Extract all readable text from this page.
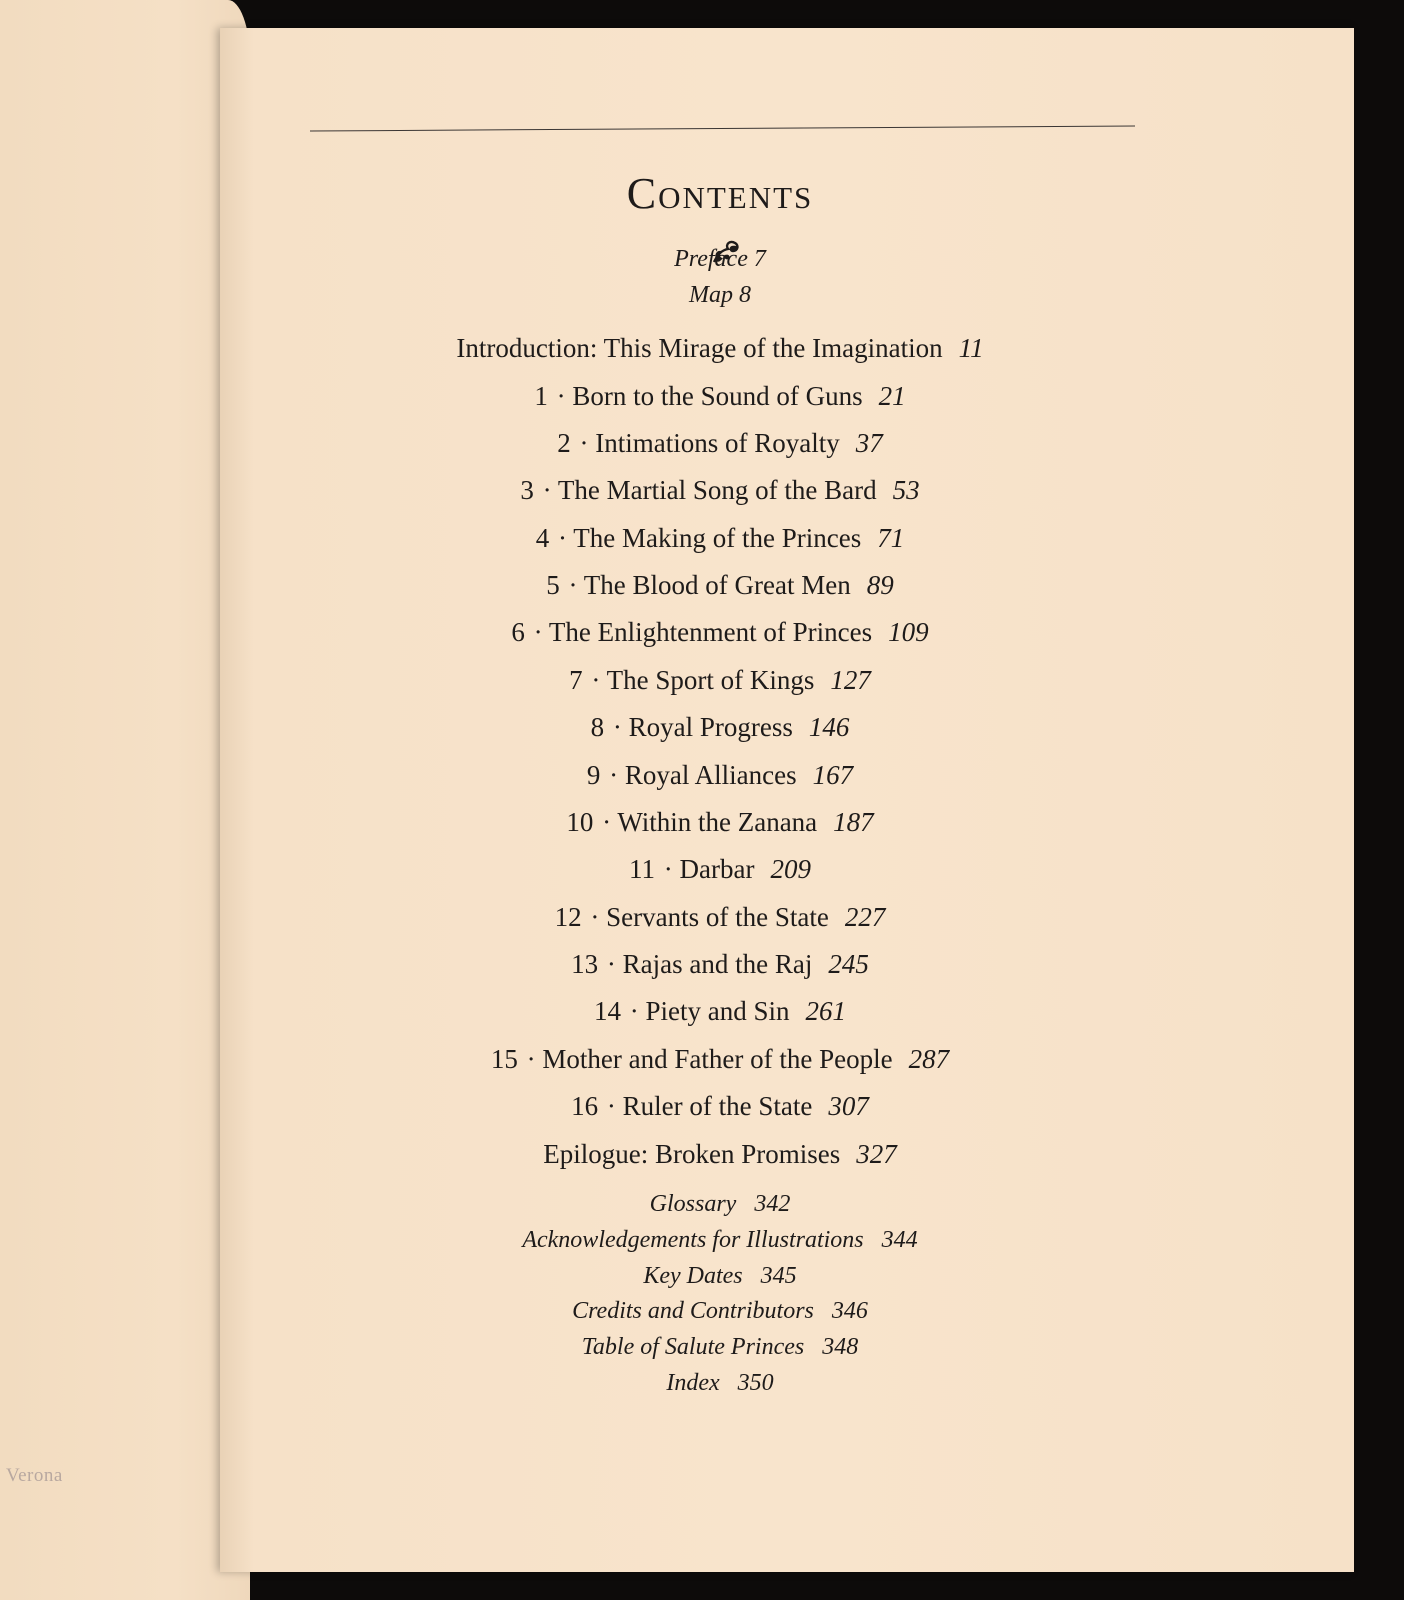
Verona
Contents
Preface 7
Map 8
Introduction: This Mirage of the Imagination 11
1 · Born to the Sound of Guns 21
2 · Intimations of Royalty 37
3 · The Martial Song of the Bard 53
4 · The Making of the Princes 71
5 · The Blood of Great Men 89
6 · The Enlightenment of Princes 109
7 · The Sport of Kings 127
8 · Royal Progress 146
9 · Royal Alliances 167
10 · Within the Zanana 187
11 · Darbar 209
12 · Servants of the State 227
13 · Rajas and the Raj 245
14 · Piety and Sin 261
15 · Mother and Father of the People 287
16 · Ruler of the State 307
Epilogue: Broken Promises 327
Glossary 342
Acknowledgements for Illustrations 344
Key Dates 345
Credits and Contributors 346
Table of Salute Princes 348
Index 350
